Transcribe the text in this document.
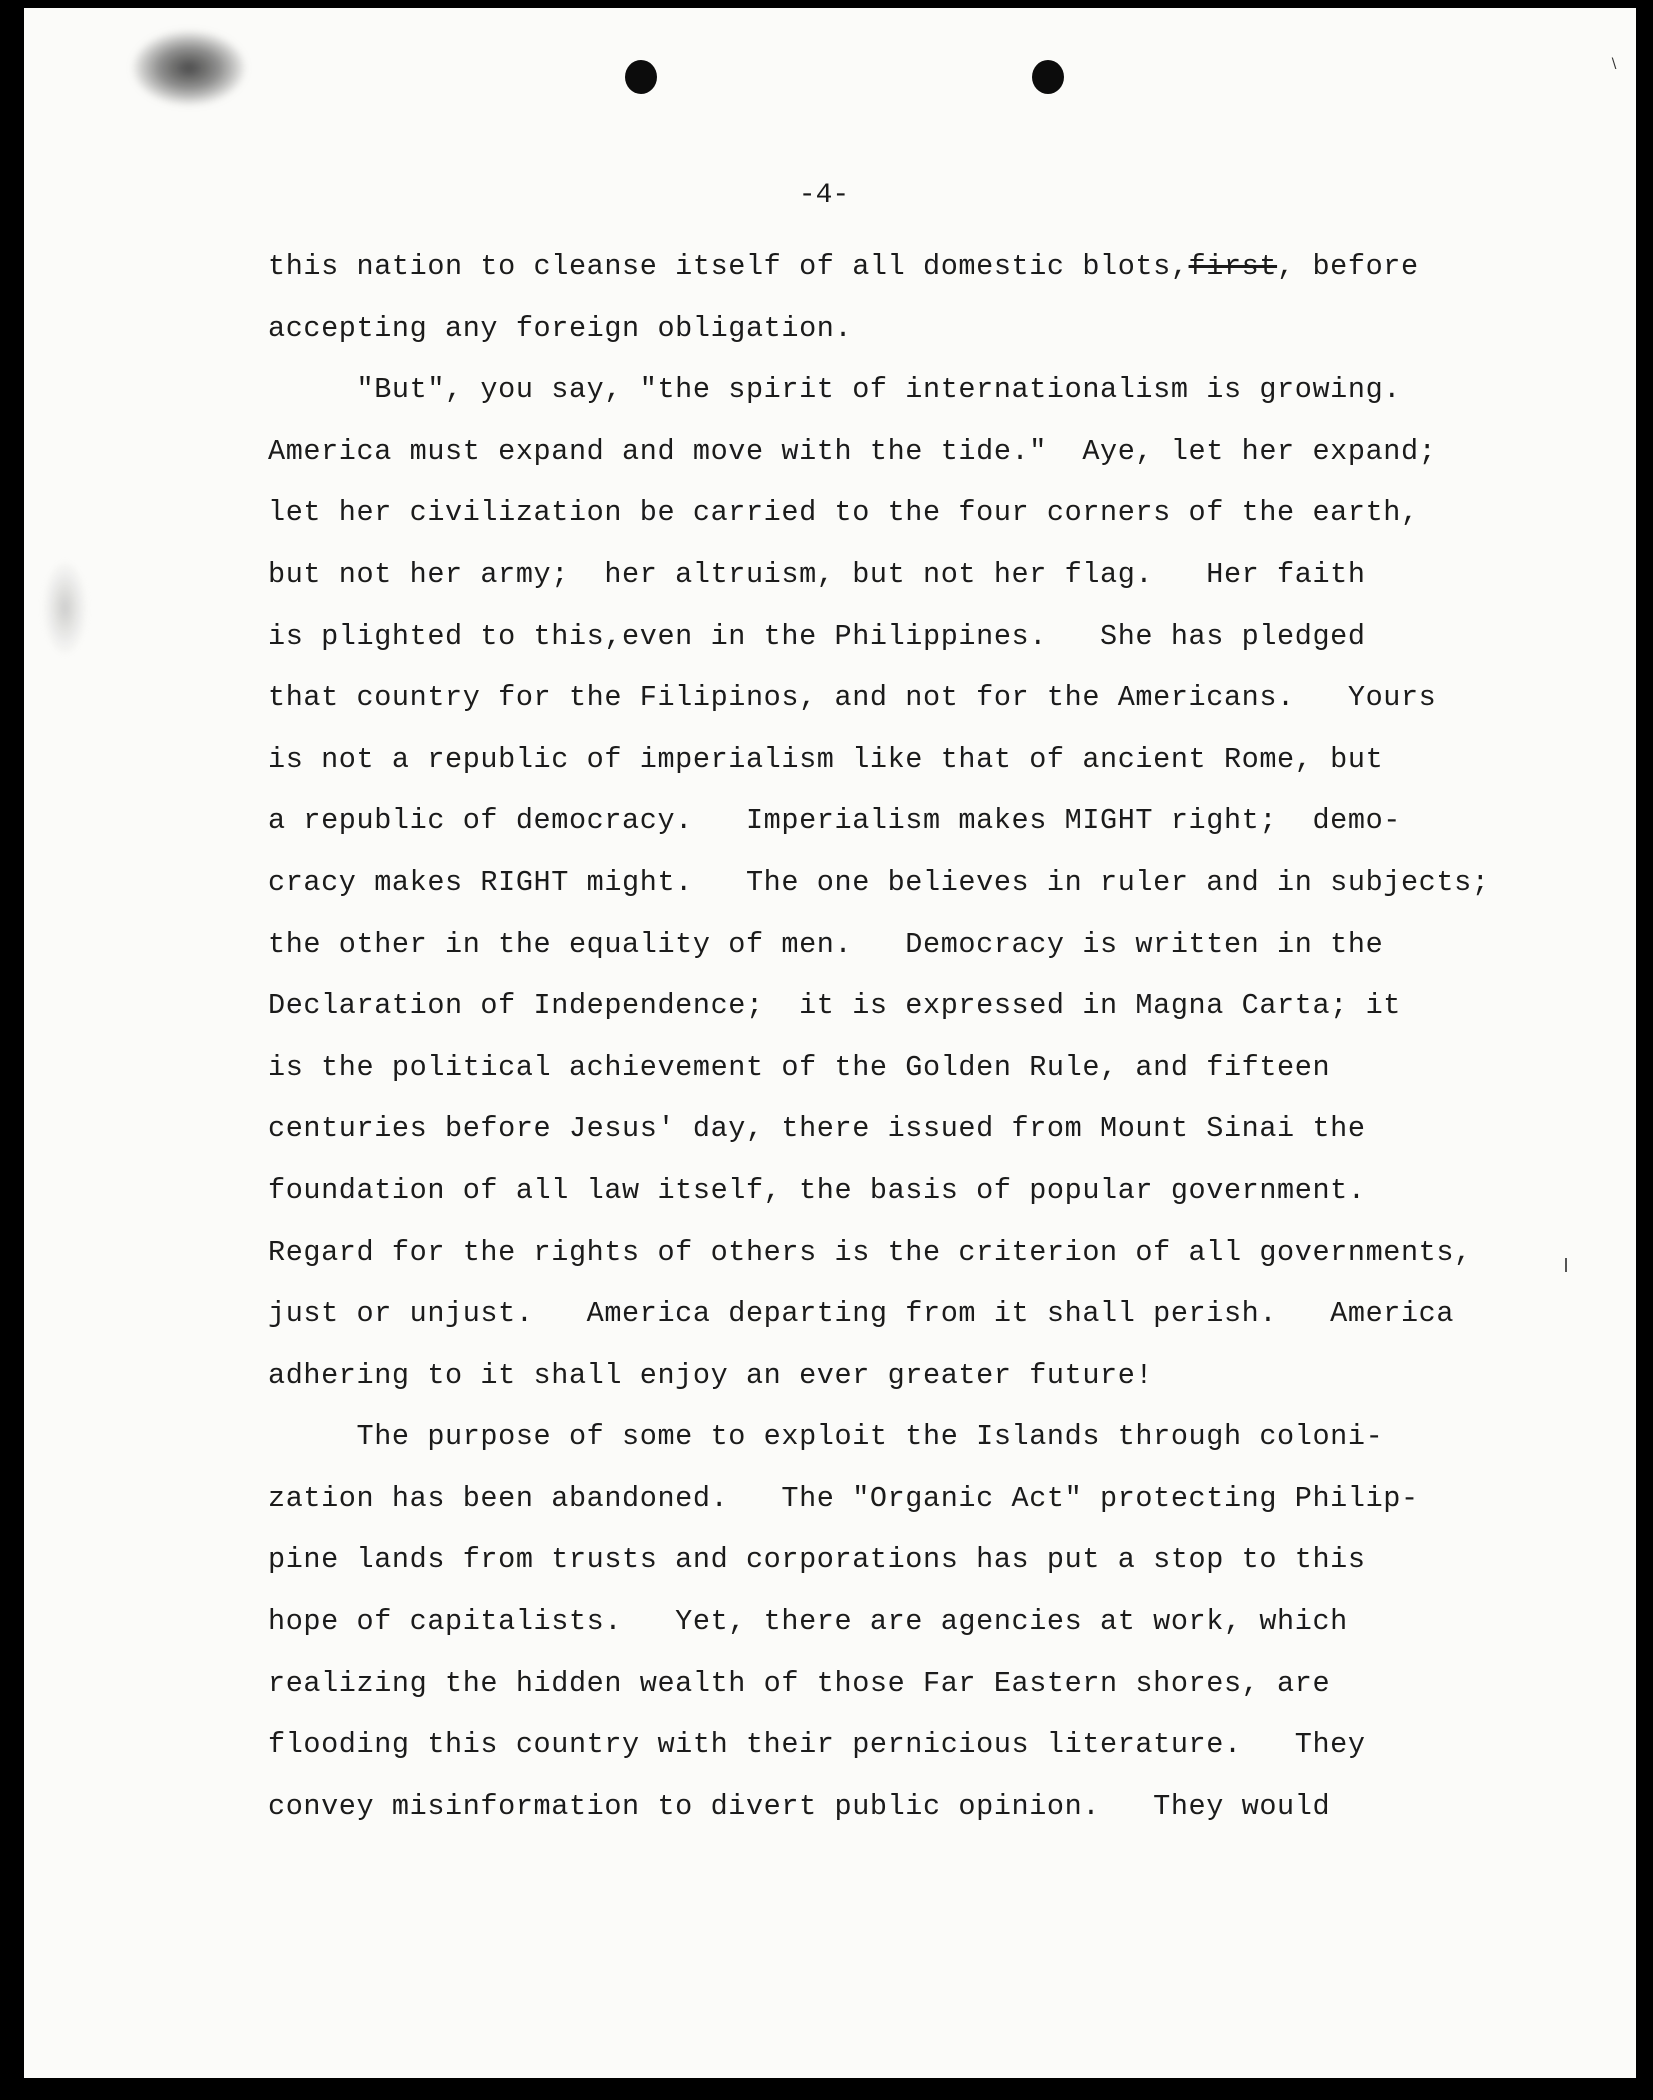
∖
-4-
this nation to cleanse itself of all domestic blots,first, before
accepting any foreign obligation.
"But", you say, "the spirit of internationalism is growing.
America must expand and move with the tide."  Aye, let her expand;
let her civilization be carried to the four corners of the earth,
but not her army;  her altruism, but not her flag.   Her faith
is plighted to this,even in the Philippines.   She has pledged
that country for the Filipinos, and not for the Americans.   Yours
is not a republic of imperialism like that of ancient Rome, but
a republic of democracy.   Imperialism makes MIGHT right;  demo-
cracy makes RIGHT might.   The one believes in ruler and in subjects;
the other in the equality of men.   Democracy is written in the
Declaration of Independence;  it is expressed in Magna Carta; it
is the political achievement of the Golden Rule, and fifteen
centuries before Jesus' day, there issued from Mount Sinai the
foundation of all law itself, the basis of popular government.
Regard for the rights of others is the criterion of all governments,
just or unjust.   America departing from it shall perish.   America
adhering to it shall enjoy an ever greater future!
The purpose of some to exploit the Islands through coloni-
zation has been abandoned.   The "Organic Act" protecting Philip-
pine lands from trusts and corporations has put a stop to this
hope of capitalists.   Yet, there are agencies at work, which
realizing the hidden wealth of those Far Eastern shores, are
flooding this country with their pernicious literature.   They
convey misinformation to divert public opinion.   They would
